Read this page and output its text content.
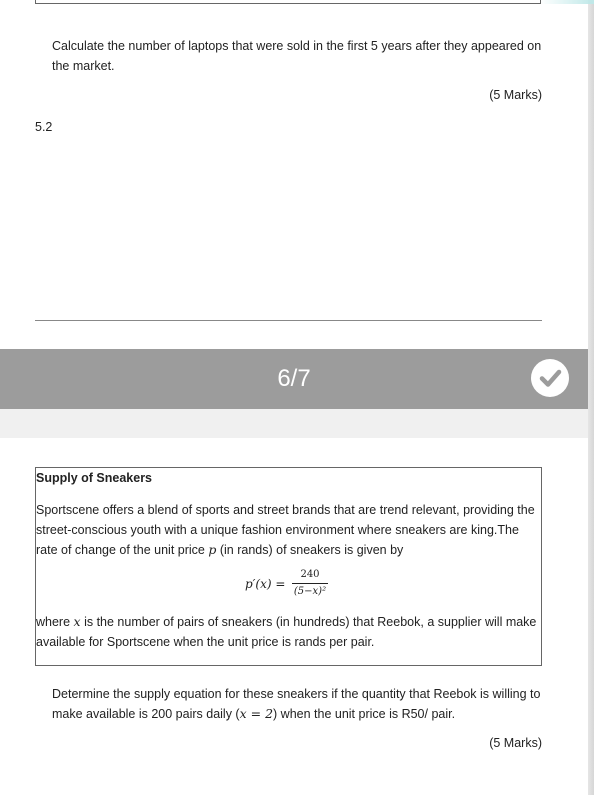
Calculate the number of laptops that were sold in the first 5 years after they appeared on the market.
(5 Marks)
5.2
6/7
Supply of Sneakers
Sportscene offers a blend of sports and street brands that are trend relevant, providing the street-conscious youth with a unique fashion environment where sneakers are king.The rate of change of the unit price p (in rands) of sneakers is given by
p′(x) =
240
(5−x)²
where x is the number of pairs of sneakers (in hundreds) that Reebok, a supplier will make available for Sportscene when the unit price is rands per pair.
Determine the supply equation for these sneakers if the quantity that Reebok is willing to make available is 200 pairs daily (x = 2) when the unit price is R50/ pair.
(5 Marks)
